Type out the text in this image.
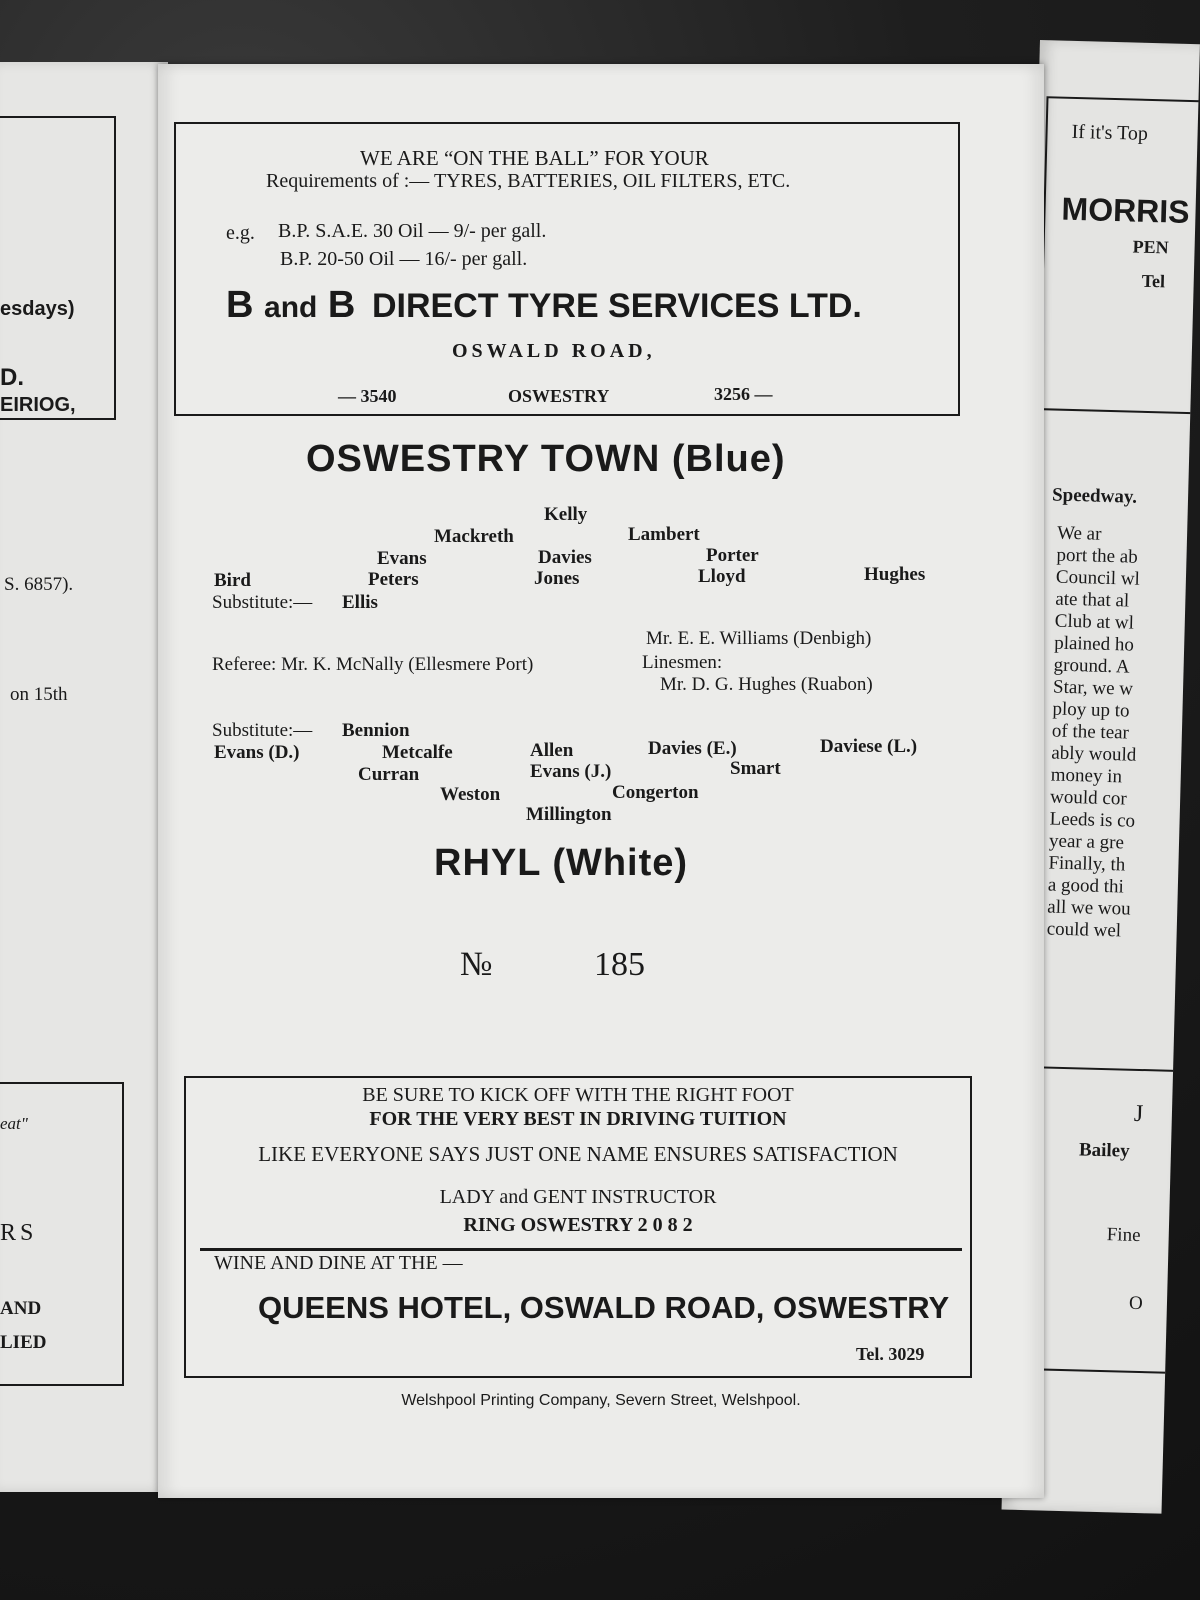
esdays)
D.
EIRIOG,
S. 6857).
on 15th
eat"
RS
AND
LIED
If it's Top
MORRIS
PEN
Tel
Speedway.
We ar
port the ab
Council wl
ate that al
Club at wl
plained ho
ground. A
Star, we w
ploy up to
of the tear
ably would
money in
would cor
Leeds is co
year a gre
Finally, th
a good thi
all we wou
could wel
J
Bailey
Fine
O
WE ARE “ON THE BALL” FOR YOUR
Requirements of :— TYRES, BATTERIES, OIL FILTERS, ETC.
e.g. B.P. S.A.E. 30 Oil — 9/- per gall.
B.P. 20-50 Oil — 16/- per gall.
B and B DIRECT TYRE SERVICES LTD.
OSWALD ROAD,
— 3540	OSWESTRY	3256 —
OSWESTRY TOWN (Blue)
Kelly
Mackreth	Lambert
Evans	Davies	Porter
Bird	Peters	Jones	Lloyd	Hughes
Substitute:— Ellis
Mr. E. E. Williams (Denbigh)
Referee: Mr. K. McNally (Ellesmere Port)	Linesmen:
Mr. D. G. Hughes (Ruabon)
Substitute:— Bennion
Evans (D.)	Metcalfe	Allen	Davies (E.)	Daviese (L.)
Curran	Evans (J.)	Smart
Weston	Congerton
Millington
RHYL (White)
№	185
BE SURE TO KICK OFF WITH THE RIGHT FOOT
FOR THE VERY BEST IN DRIVING TUITION
LIKE EVERYONE SAYS JUST ONE NAME ENSURES SATISFACTION
LADY and GENT INSTRUCTOR
RING OSWESTRY 2 0 8 2
WINE AND DINE AT THE —
QUEENS HOTEL, OSWALD ROAD, OSWESTRY
Tel. 3029
Welshpool Printing Company, Severn Street, Welshpool.
